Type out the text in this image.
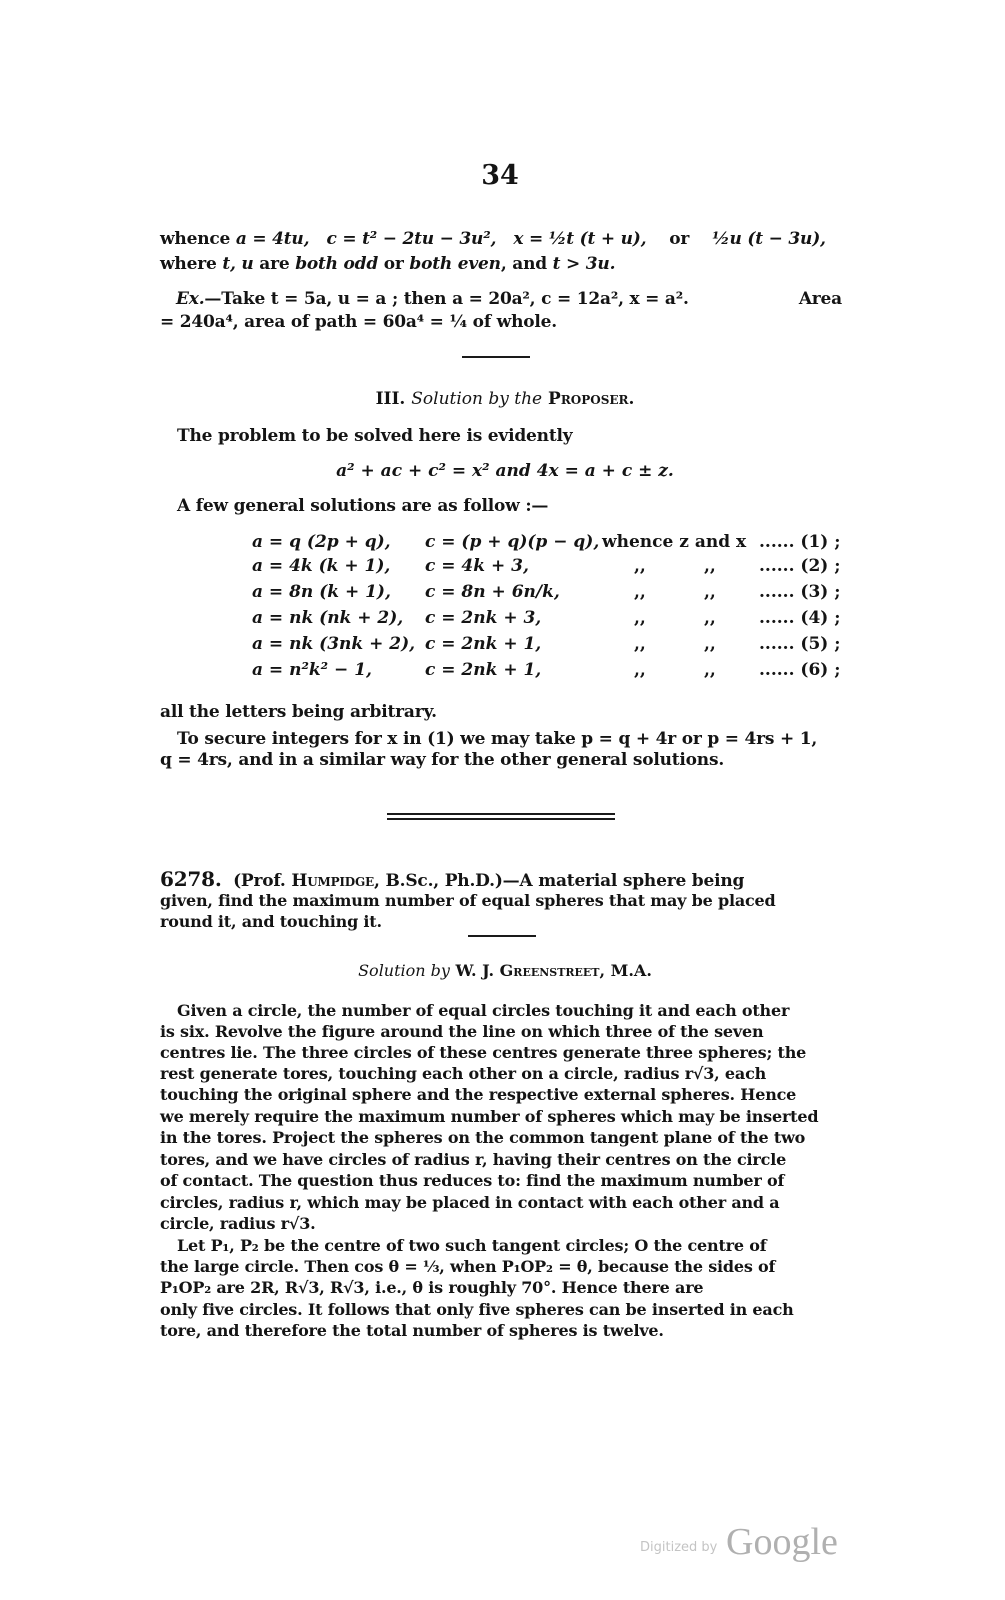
34
whence a = 4tu, c = t² − 2tu − 3u², x = ½t (t + u), or ½u (t − 3u),
where t, u are both odd or both even, and t > 3u.
Ex.—Take t = 5a, u = a ; then a = 20a², c = 12a², x = a².	Area
= 240a⁴, area of path = 60a⁴ = ¼ of whole.
III. Solution by the Proposer.
The problem to be solved here is evidently
a² + ac + c² = x² and 4x = a + c ± z.
A few general solutions are as follow :—
a = q (2p + q), c = (p + q)(p − q), whence z and x ...... (1) ;
a = 4k (k + 1), c = 4k + 3,	,,	,,	...... (2) ;
a = 8n (k + 1), c = 8n + 6n/k,	,,	,,	...... (3) ;
a = nk (nk + 2), c = 2nk + 3,	,,	,,	...... (4) ;
a = nk (3nk + 2), c = 2nk + 1,	,,	,,	...... (5) ;
a = n²k² − 1,	c = 2nk + 1,	,,	,,	...... (6) ;
all the letters being arbitrary.
To secure integers for x in (1) we may take p = q + 4r or p = 4rs + 1,
q = 4rs, and in a similar way for the other general solutions.
6278. (Prof. Humpidge, B.Sc., Ph.D.)—A material sphere being
given, find the maximum number of equal spheres that may be placed
round it, and touching it.
Solution by W. J. Greenstreet, M.A.
Given a circle, the number of equal circles touching it and each other
is six. Revolve the figure around the line on which three of the seven
centres lie. The three circles of these centres generate three spheres; the
rest generate tores, touching each other on a circle, radius r√3, each
touching the original sphere and the respective external spheres. Hence
we merely require the maximum number of spheres which may be inserted
in the tores. Project the spheres on the common tangent plane of the two
tores, and we have circles of radius r, having their centres on the circle
of contact. The question thus reduces to: find the maximum number of
circles, radius r, which may be placed in contact with each other and a
circle, radius r√3.
Let P₁, P₂ be the centre of two such tangent circles; O the centre of
the large circle. Then cos θ = ⅓, when P₁OP₂ = θ, because the sides of
P₁OP₂ are 2R, R√3, R√3, i.e., θ is roughly 70°. Hence there are
only five circles. It follows that only five spheres can be inserted in each
tore, and therefore the total number of spheres is twelve.
Digitized by Google
